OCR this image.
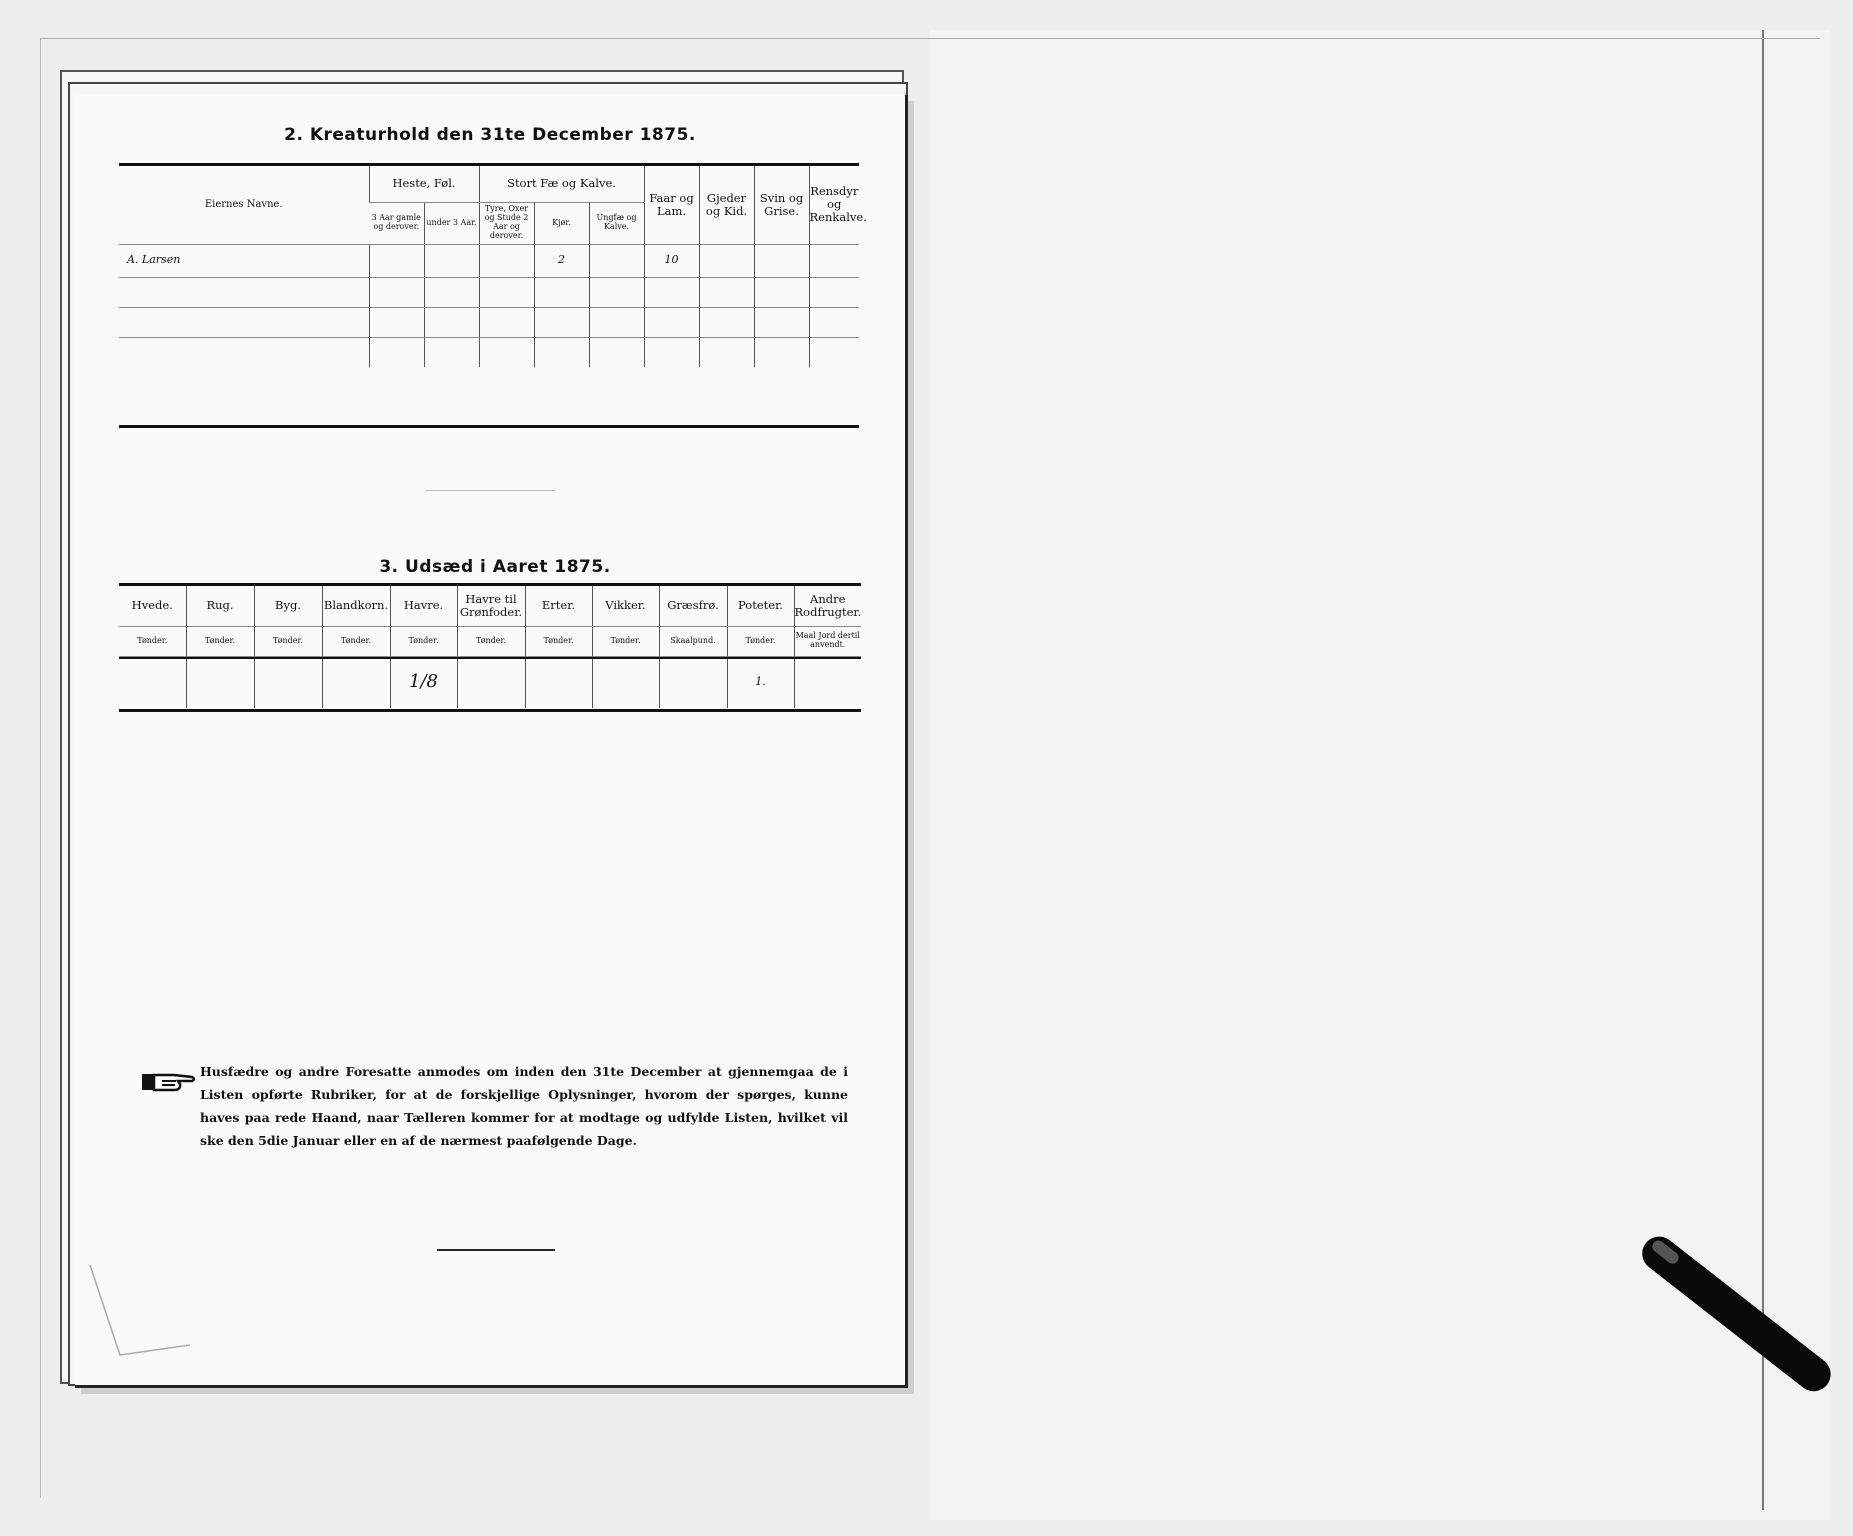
2. Kreaturhold den 31te December 1875.
Eiernes Navne.	Heste, Føl.		Stort Fæ og Kalve.			Faar og Lam.	Gjeder og Kid.	Svin og Grise.	Rensdyr og Renkalve.
	3 Aar gamle og derover.	under 3 Aar.	Tyre, Oxer og Stude 2 Aar og derover.	Kjør.	Ungfæ og Kalve.				
A. Larsen				2		10			

3. Udsæd i Aaret 1875.
Hvede.	Rug.	Byg.	Blandkorn.	Havre.	Havre til Grønfoder.	Erter.	Vikker.	Græsfrø.	Poteter.	Andre Rodfrugter.
Tønder.	Tønder.	Tønder.	Tønder.	Tønder.	Tønder.	Tønder.	Tønder.	Skaalpund.	Tønder.	Maal Jord dertil anvendt.
				1/8					1.	
Husfædre og andre Foresatte anmodes om inden den 31te December at gjennemgaa de i Listen opførte Rubriker, for at de forskjellige Oplysninger, hvorom der spørges, kunne haves paa rede Haand, naar Tælleren kommer for at modtage og udfylde Listen, hvilket vil ske den 5die Januar eller en af de nærmest paafølgende Dage.
